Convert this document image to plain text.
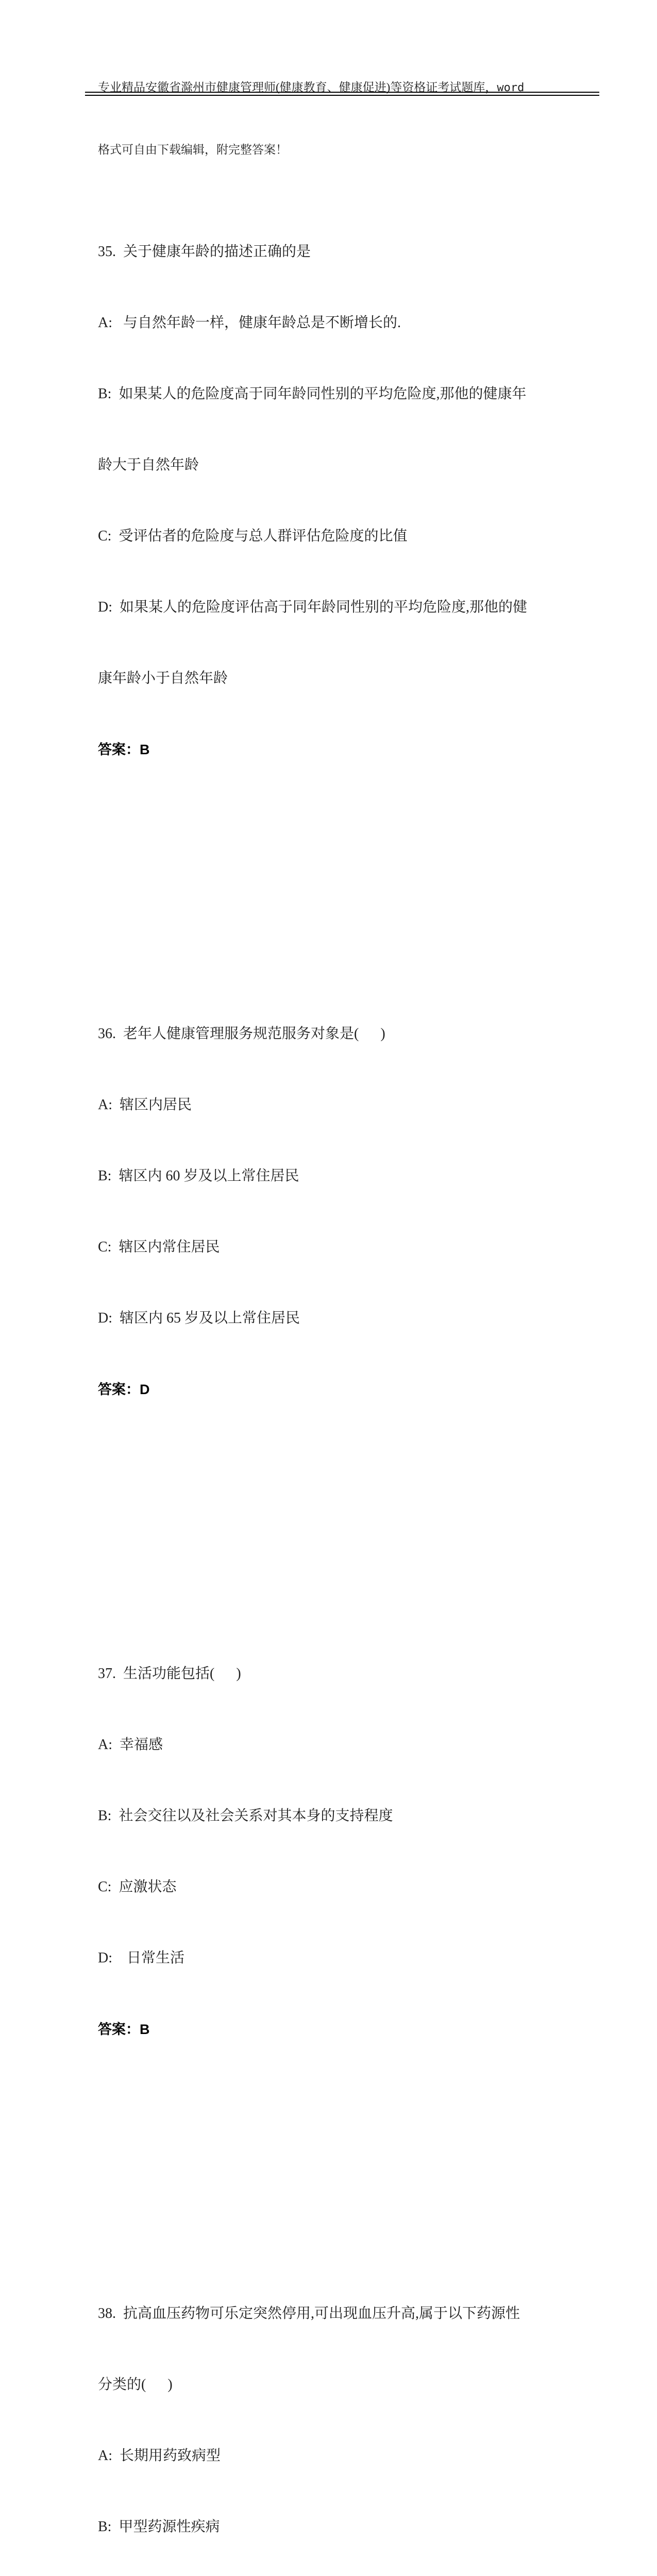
专业精品安徽省滁州市健康管理师(健康教育、健康促进)等资格证考试题库，word

格式可自由下载编辑，附完整答案！

35.  关于健康年龄的描述正确的是

A:   与自然年龄一样，健康年龄总是不断增长的.

B:  如果某人的危险度高于同年龄同性别的平均危险度,那他的健康年

龄大于自然年龄

C:  受评估者的危险度与总人群评估危险度的比值

D:  如果某人的危险度评估高于同年龄同性别的平均危险度,那他的健

康年龄小于自然年龄

答案：B

36.  老年人健康管理服务规范服务对象是(      )

A:  辖区内居民

B:  辖区内 60 岁及以上常住居民

C:  辖区内常住居民

D:  辖区内 65 岁及以上常住居民

答案：D

37.  生活功能包括(      )

A:  幸福感

B:  社会交往以及社会关系对其本身的支持程度

C:  应激状态

D:    日常生活

答案：B

38.  抗高血压药物可乐定突然停用,可出现血压升高,属于以下药源性

分类的(      )

A:  长期用药致病型

B:  甲型药源性疾病
